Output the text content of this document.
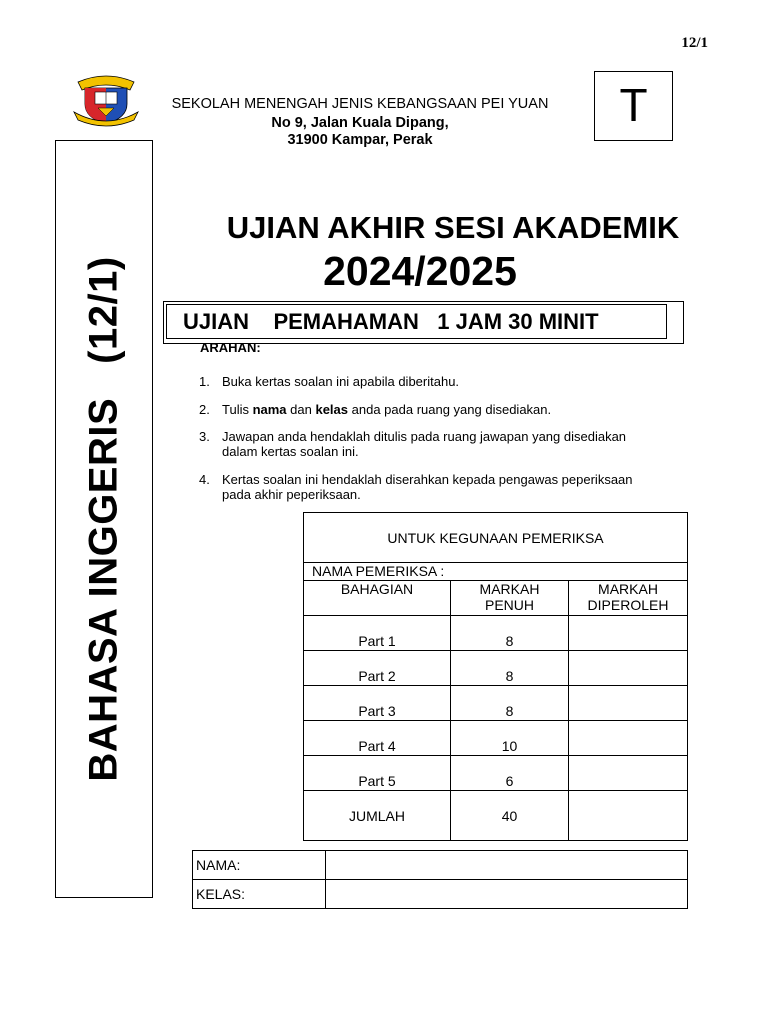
12/1
SEKOLAH MENENGAH JENIS KEBANGSAAN PEI YUAN
No 9, Jalan Kuala Dipang,
31900 Kampar, Perak
T
BAHASA INGGERIS(12/1)
UJIAN AKHIR SESI AKADEMIK
2024/2025
UJIAN    PEMAHAMAN   1 JAM 30 MINIT
ARAHAN:
1. Buka kertas soalan ini apabila diberitahu.
2. Tulis nama dan kelas anda pada ruang yang disediakan.
3. Jawapan anda hendaklah ditulis pada ruang jawapan yang disediakan
dalam kertas soalan ini.
4. Kertas soalan ini hendaklah diserahkan kepada pengawas peperiksaan
pada akhir peperiksaan.
UNTUK KEGUNAAN PEMERIKSA		
NAMA PEMERIKSA :		
BAHAGIAN	MARKAH PENUH	MARKAH DIPEROLEH

Part 1	8	
Part 2	8	
Part 3	8	
Part 4	10	
Part 5	6	
JUMLAH	40	
NAMA:	
KELAS:	
